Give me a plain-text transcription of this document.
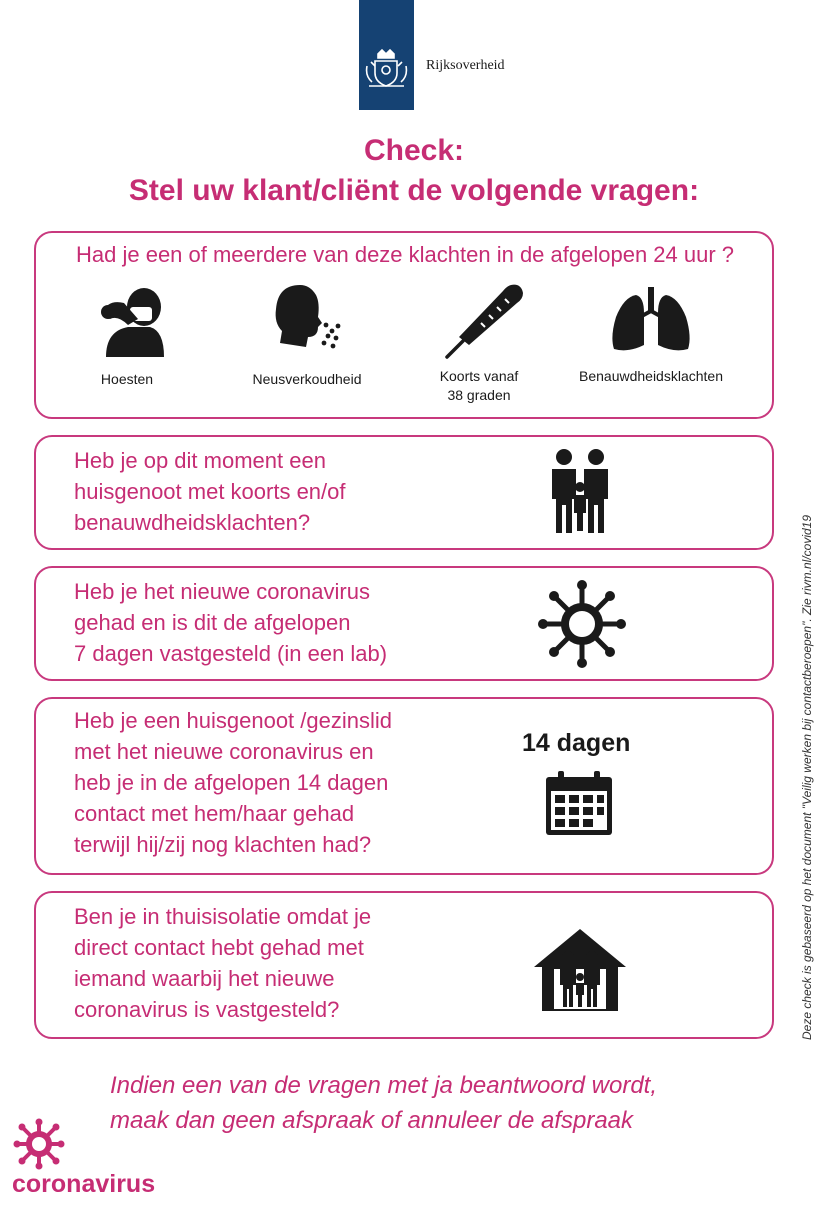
Rijksoverheid
Check:
Stel uw klant/cliënt de volgende vragen:
Had je een of meerdere van deze klachten in de afgelopen 24 uur ?
Hoesten	Neusverkoudheid	Koorts vanaf
38 graden
Benauwdheidsklachten
Heb je op dit moment een
huisgenoot met koorts en/of
benauwdheidsklachten?
Heb je het nieuwe coronavirus
gehad en is dit de afgelopen
7 dagen vastgesteld (in een lab)
Heb je een huisgenoot /gezinslid
met het nieuwe coronavirus en
heb je in de afgelopen 14 dagen
contact met hem/haar gehad
terwijl hij/zij nog klachten had?
14 dagen
Ben je in thuisisolatie omdat je
direct contact hebt gehad met
iemand waarbij het nieuwe
coronavirus is vastgesteld?
Indien een van de vragen met ja beantwoord wordt,
maak dan geen afspraak of annuleer de afspraak
Deze check is gebaseerd op het document "Veilig werken bij contactberoepen". Zie rivm.nl/covid19
coronavirus
